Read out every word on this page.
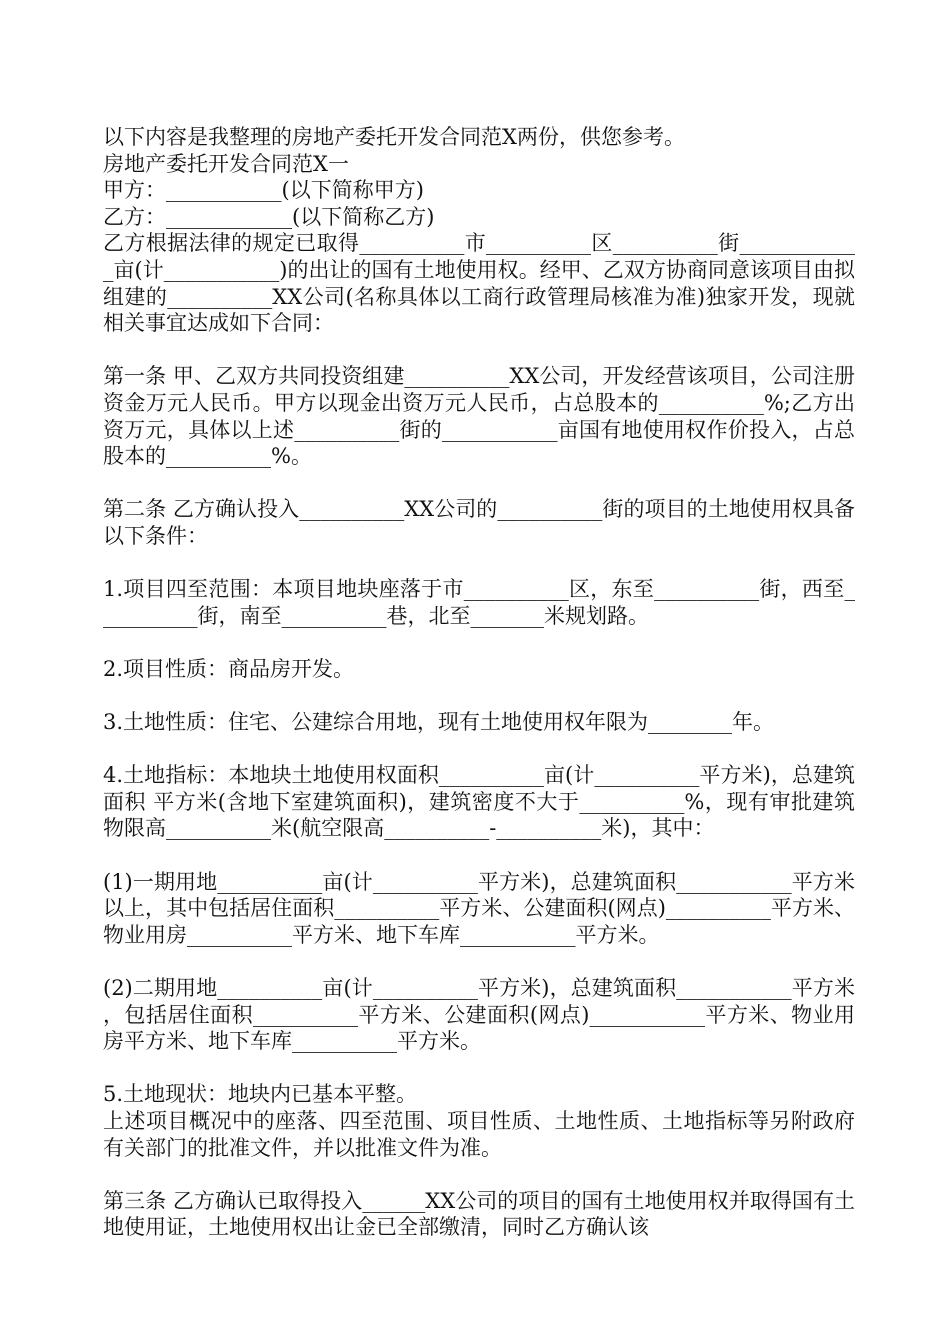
以下内容是我整理的房地产委托开发合同范X两份，供您参考。
房地产委托开发合同范X一
甲方：___________(以下简称甲方)
乙方：____________(以下简称乙方)
乙方根据法律的规定已取得__________市__________区__________街____________亩(计___________)的出让的国有土地使用权。经甲、乙双方协商同意该项目由拟组建的__________XX公司(名称具体以工商行政管理局核准为准)独家开发，现就相关事宜达成如下合同：
第一条 甲、乙双方共同投资组建__________XX公司，开发经营该项目，公司注册资金万元人民币。甲方以现金出资万元人民币，占总股本的__________%;乙方出资万元，具体以上述__________街的___________亩国有地使用权作价投入，占总股本的__________%。
第二条 乙方确认投入__________XX公司的__________街的项目的土地使用权具备以下条件：
1.项目四至范围：本项目地块座落于市__________区，东至__________街，西至__________街，南至__________巷，北至_______米规划路。
2.项目性质：商品房开发。
3.土地性质：住宅、公建综合用地，现有土地使用权年限为________年。
4.土地指标：本地块土地使用权面积__________亩(计__________平方米)，总建筑面积 平方米(含地下室建筑面积)，建筑密度不大于__________%，现有审批建筑物限高__________米(航空限高__________-__________米)，其中：
(1)一期用地__________亩(计__________平方米)，总建筑面积___________平方米以上，其中包括居住面积__________平方米、公建面积(网点)__________平方米、物业用房__________平方米、地下车库___________平方米。
(2)二期用地__________亩(计__________平方米)，总建筑面积___________平方米，包括居住面积__________平方米、公建面积(网点)___________平方米、物业用房平方米、地下车库__________平方米。
5.土地现状：地块内已基本平整。
上述项目概况中的座落、四至范围、项目性质、土地性质、土地指标等另附政府有关部门的批准文件，并以批准文件为准。
第三条 乙方确认已取得投入______XX公司的项目的国有土地使用权并取得国有土地使用证，土地使用权出让金已全部缴清，同时乙方确认该
